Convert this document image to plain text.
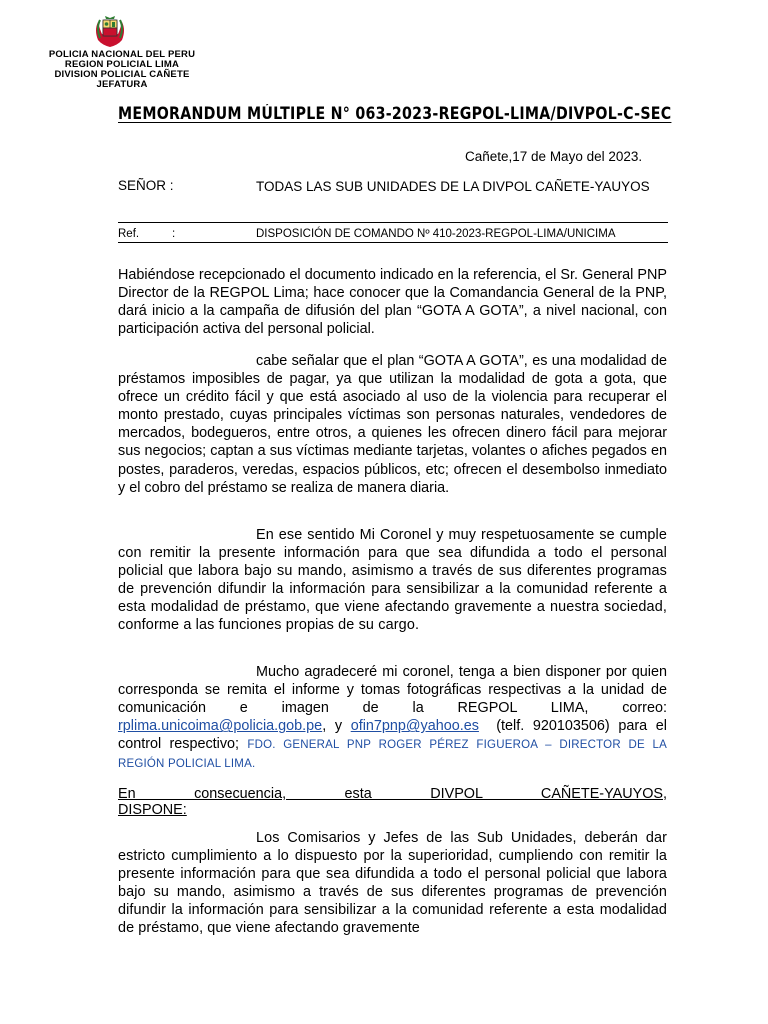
POLICIA NACIONAL DEL PERU
REGION POLICIAL LIMA
DIVISION POLICIAL CAÑETE
JEFATURA
MEMORANDUM MÚLTIPLE N° 063-2023-REGPOL-LIMA/DIVPOL-C-SEC
Cañete,17 de Mayo del 2023.
SEÑOR :	TODAS LAS SUB UNIDADES DE LA DIVPOL CAÑETE-YAUYOS
Ref.	:	DISPOSICIÓN DE COMANDO Nº 410-2023-REGPOL-LIMA/UNICIMA
Habiéndose recepcionado el documento indicado en la referencia, el Sr. General PNP Director de la REGPOL Lima; hace conocer que la Comandancia General de la PNP, dará inicio a la campaña de difusión del plan “GOTA A GOTA”, a nivel nacional, con participación activa del personal policial.
cabe señalar que el plan “GOTA A GOTA”, es una modalidad de préstamos imposibles de pagar, ya que utilizan la modalidad de gota a gota, que ofrece un crédito fácil y que está asociado al uso de la violencia para recuperar el monto prestado, cuyas principales víctimas son personas naturales, vendedores de mercados, bodegueros, entre otros, a quienes les ofrecen dinero fácil para mejorar sus negocios; captan a sus víctimas mediante tarjetas, volantes o afiches pegados en postes, paraderos, veredas, espacios públicos, etc; ofrecen el desembolso inmediato y el cobro del préstamo se realiza de manera diaria.
En ese sentido Mi Coronel y muy respetuosamente se cumple con remitir la presente información para que sea difundida a todo el personal policial que labora bajo su mando, asimismo a través de sus diferentes programas de prevención difundir la información para sensibilizar a la comunidad referente a esta modalidad de préstamo, que viene afectando gravemente a nuestra sociedad, conforme a las funciones propias de su cargo.
Mucho agradeceré mi coronel, tenga a bien disponer por quien corresponda se remita el informe y tomas fotográficas respectivas a la unidad de comunicación e imagen de la REGPOL LIMA, correo: rplima.unicoima@policia.gob.pe, y ofin7pnp@yahoo.es (telf. 920103506) para el control respectivo; FDO. GENERAL PNP ROGER PÉREZ FIGUEROA – DIRECTOR DE LA REGIÓN POLICIAL LIMA.
En consecuencia, esta DIVPOL CAÑETE-YAUYOS,
DISPONE:
Los Comisarios y Jefes de las Sub Unidades, deberán dar estricto cumplimiento a lo dispuesto por la superioridad, cumpliendo con remitir la presente información para que sea difundida a todo el personal policial que labora bajo su mando, asimismo a través de sus diferentes programas de prevención difundir la información para sensibilizar a la comunidad referente a esta modalidad de préstamo, que viene afectando gravemente
